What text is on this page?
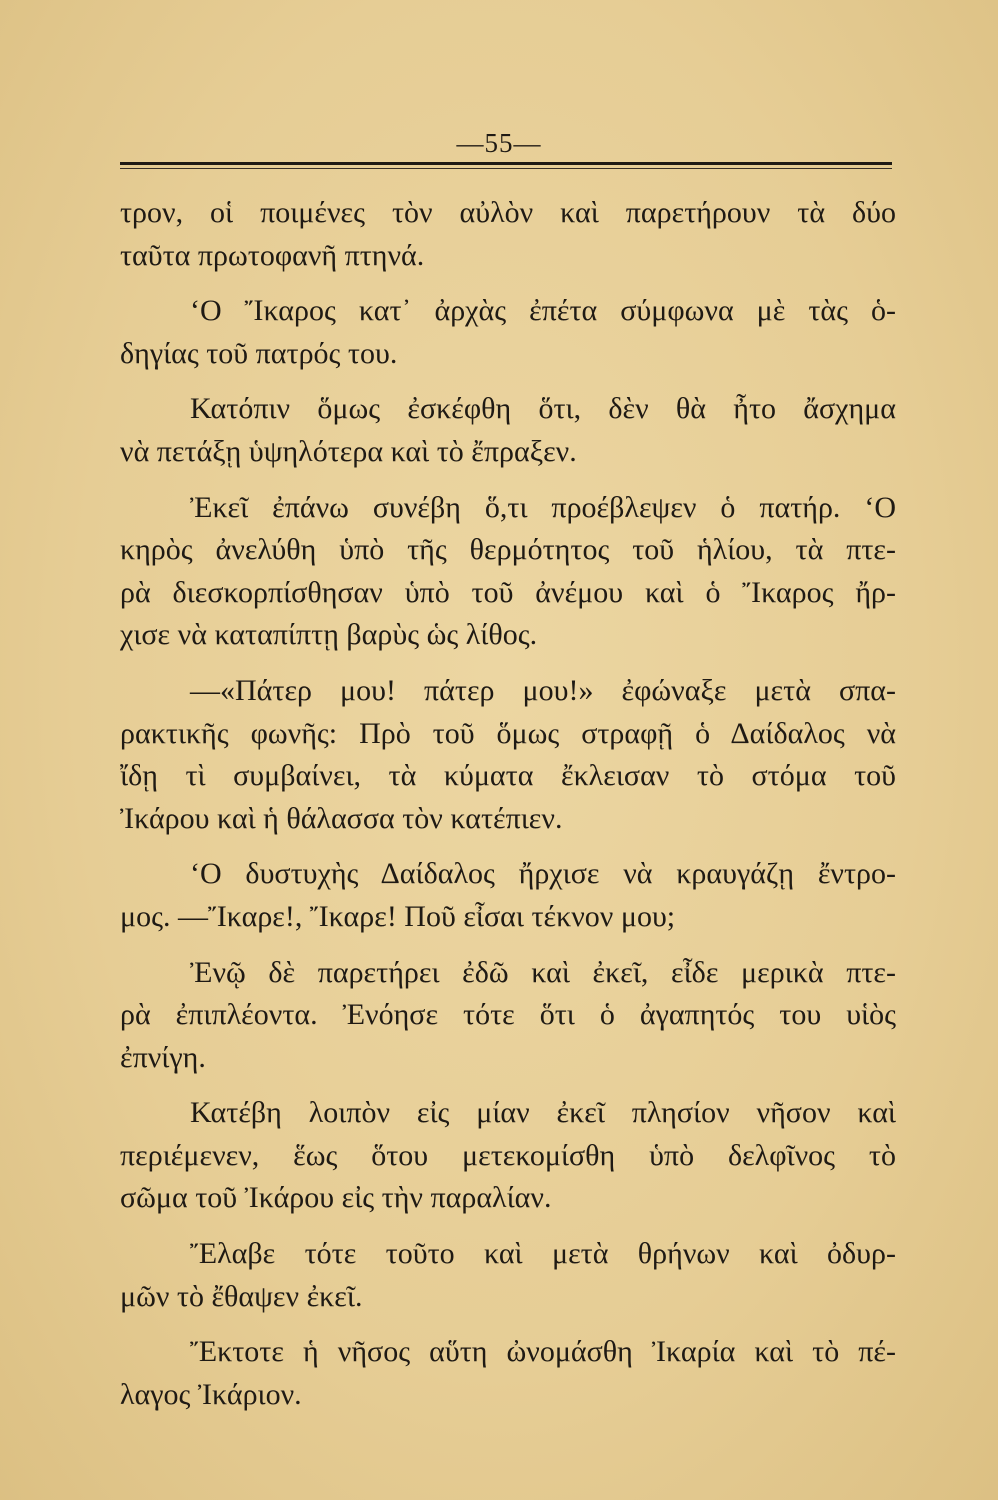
—55—
τρον, οἱ ποιμένες τὸν αὐλὸν καὶ παρετήρουν τὰ δύο
ταῦτα πρωτοφανῆ πτηνά.
‘Ο Ἴκαρος κατ᾿ ἀρχὰς ἐπέτα σύμφωνα μὲ τὰς ὁ-
δηγίας τοῦ πατρός του.
Κατόπιν ὅμως ἐσκέφθη ὅτι, δὲν θὰ ἦτο ἄσχημα
νὰ πετάξῃ ὑψηλότερα καὶ τὸ ἔπραξεν.
Ἐκεῖ ἐπάνω συνέβη ὅ,τι προέβλεψεν ὁ πατήρ. ‘Ο
κηρὸς ἀνελύθη ὑπὸ τῆς θερμότητος τοῦ ἡλίου, τὰ πτε-
ρὰ διεσκορπίσθησαν ὑπὸ τοῦ ἀνέμου καὶ ὁ Ἴκαρος ἤρ-
χισε νὰ καταπίπτῃ βαρὺς ὡς λίθος.
—«Πάτερ μου! πάτερ μου!» ἐφώναξε μετὰ σπα-
ρακτικῆς φωνῆς: Πρὸ τοῦ ὅμως στραφῇ ὁ Δαίδαλος νὰ
ἴδῃ τὶ συμβαίνει, τὰ κύματα ἔκλεισαν τὸ στόμα τοῦ
Ἰκάρου καὶ ἡ θάλασσα τὸν κατέπιεν.
‘Ο δυστυχὴς Δαίδαλος ἤρχισε νὰ κραυγάζῃ ἔντρο-
μος. —Ἴκαρε!, Ἴκαρε! Ποῦ εἶσαι τέκνον μου;
Ἐνῷ δὲ παρετήρει ἐδῶ καὶ ἐκεῖ, εἶδε μερικὰ πτε-
ρὰ ἐπιπλέοντα. Ἐνόησε τότε ὅτι ὁ ἀγαπητός του υἱὸς
ἐπνίγη.
Κατέβη λοιπὸν εἰς μίαν ἐκεῖ πλησίον νῆσον καὶ
περιέμενεν, ἕως ὅτου μετεκομίσθη ὑπὸ δελφῖνος τὸ
σῶμα τοῦ Ἰκάρου εἰς τὴν παραλίαν.
Ἔλαβε τότε τοῦτο καὶ μετὰ θρήνων καὶ ὀδυρ-
μῶν τὸ ἔθαψεν ἐκεῖ.
Ἔκτοτε ἡ νῆσος αὕτη ὠνομάσθη Ἰκαρία καὶ τὸ πέ-
λαγος Ἰκάριον.
